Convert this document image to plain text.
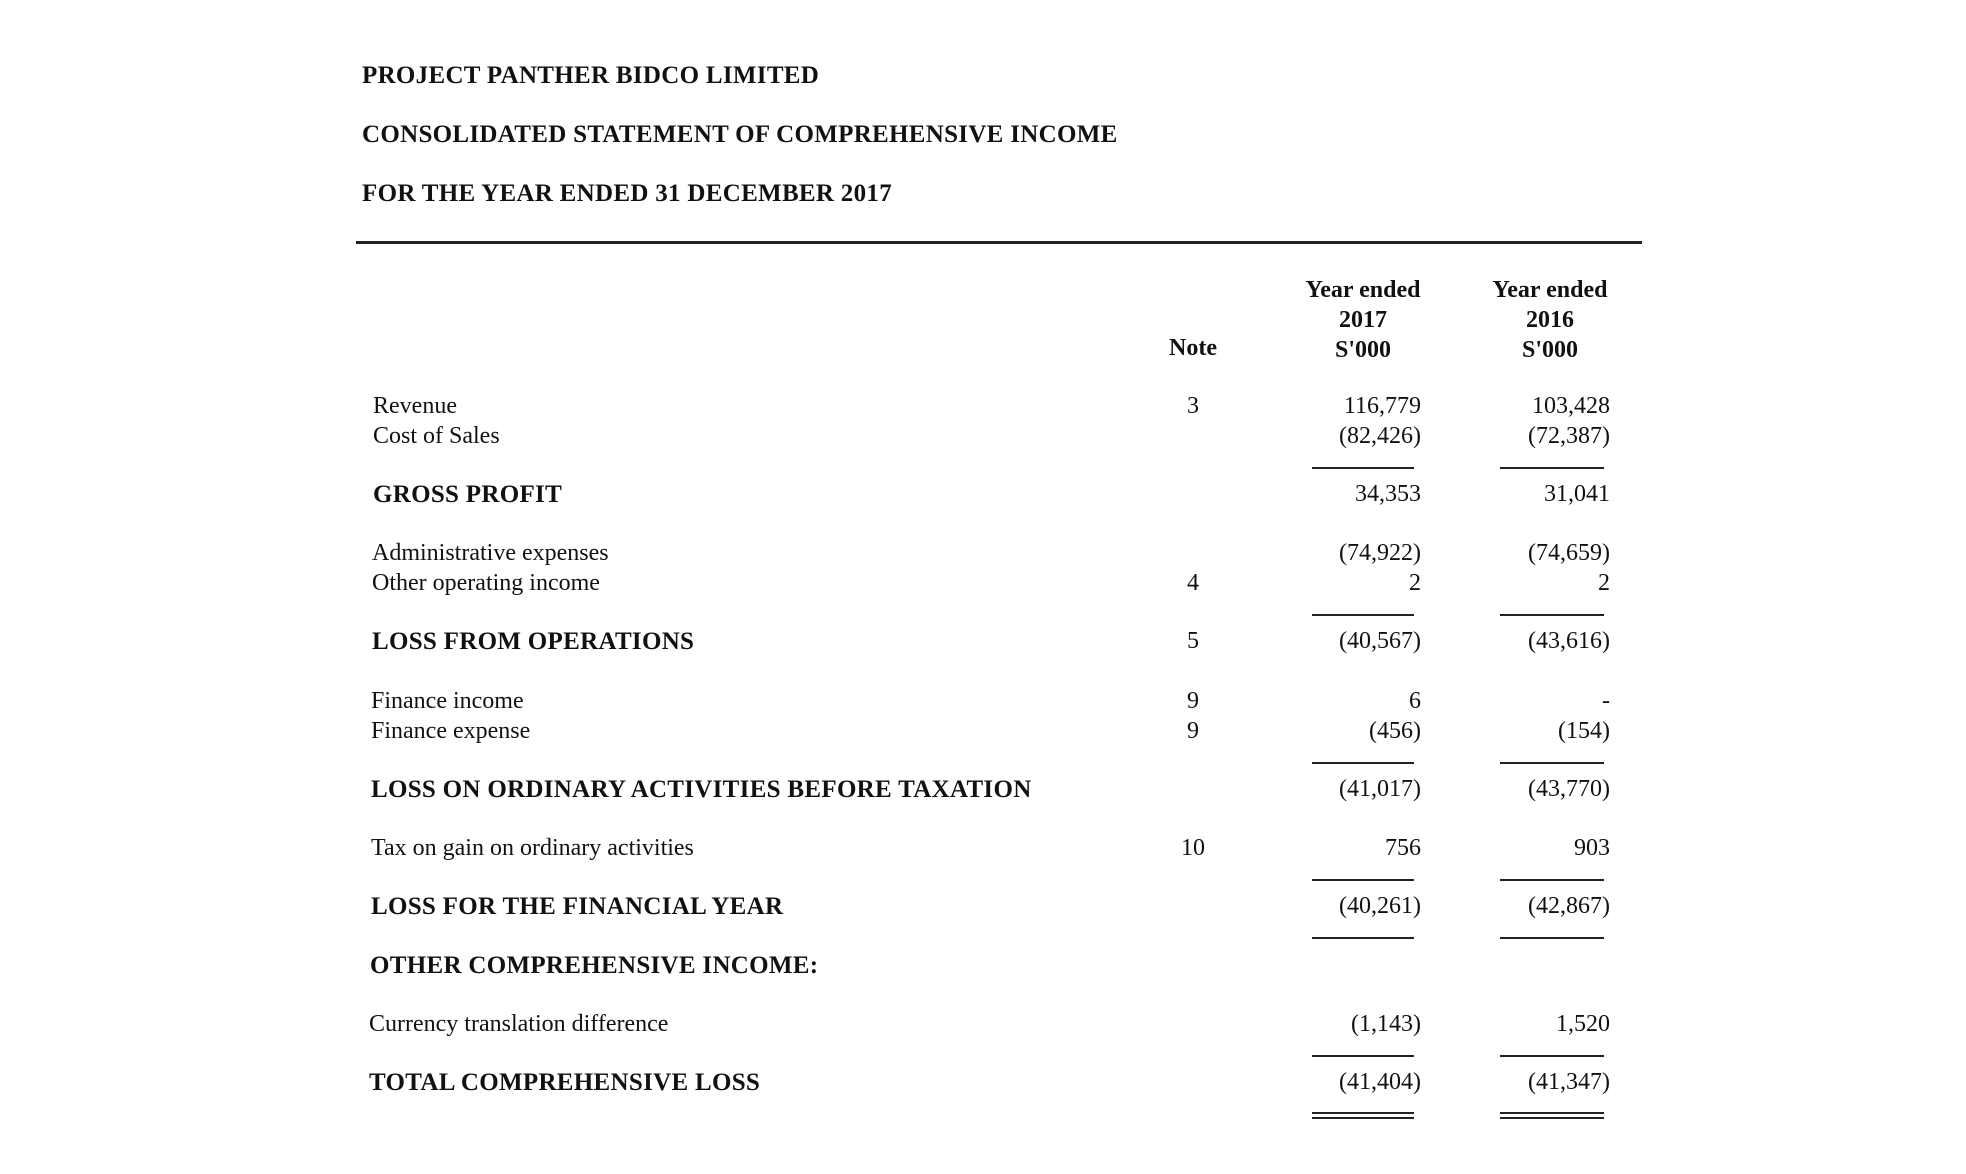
PROJECT PANTHER BIDCO LIMITED
CONSOLIDATED STATEMENT OF COMPREHENSIVE INCOME
FOR THE YEAR ENDED 31 DECEMBER 2017
Note
Year ended
2017
S'000
Year ended
2016
S'000
Revenue	3	116,779	103,428
Cost of Sales	(82,426)	(72,387)
GROSS PROFIT	34,353	31,041
Administrative expenses	(74,922)	(74,659)
Other operating income	4	2	2
LOSS FROM OPERATIONS	5	(40,567)	(43,616)
Finance income	9	6	-
Finance expense	9	(456)	(154)
LOSS ON ORDINARY ACTIVITIES BEFORE TAXATION	(41,017)	(43,770)
Tax on gain on ordinary activities	10	756	903
LOSS FOR THE FINANCIAL YEAR	(40,261)	(42,867)
OTHER COMPREHENSIVE INCOME:
Currency translation difference	(1,143)	1,520
TOTAL COMPREHENSIVE LOSS	(41,404)	(41,347)
